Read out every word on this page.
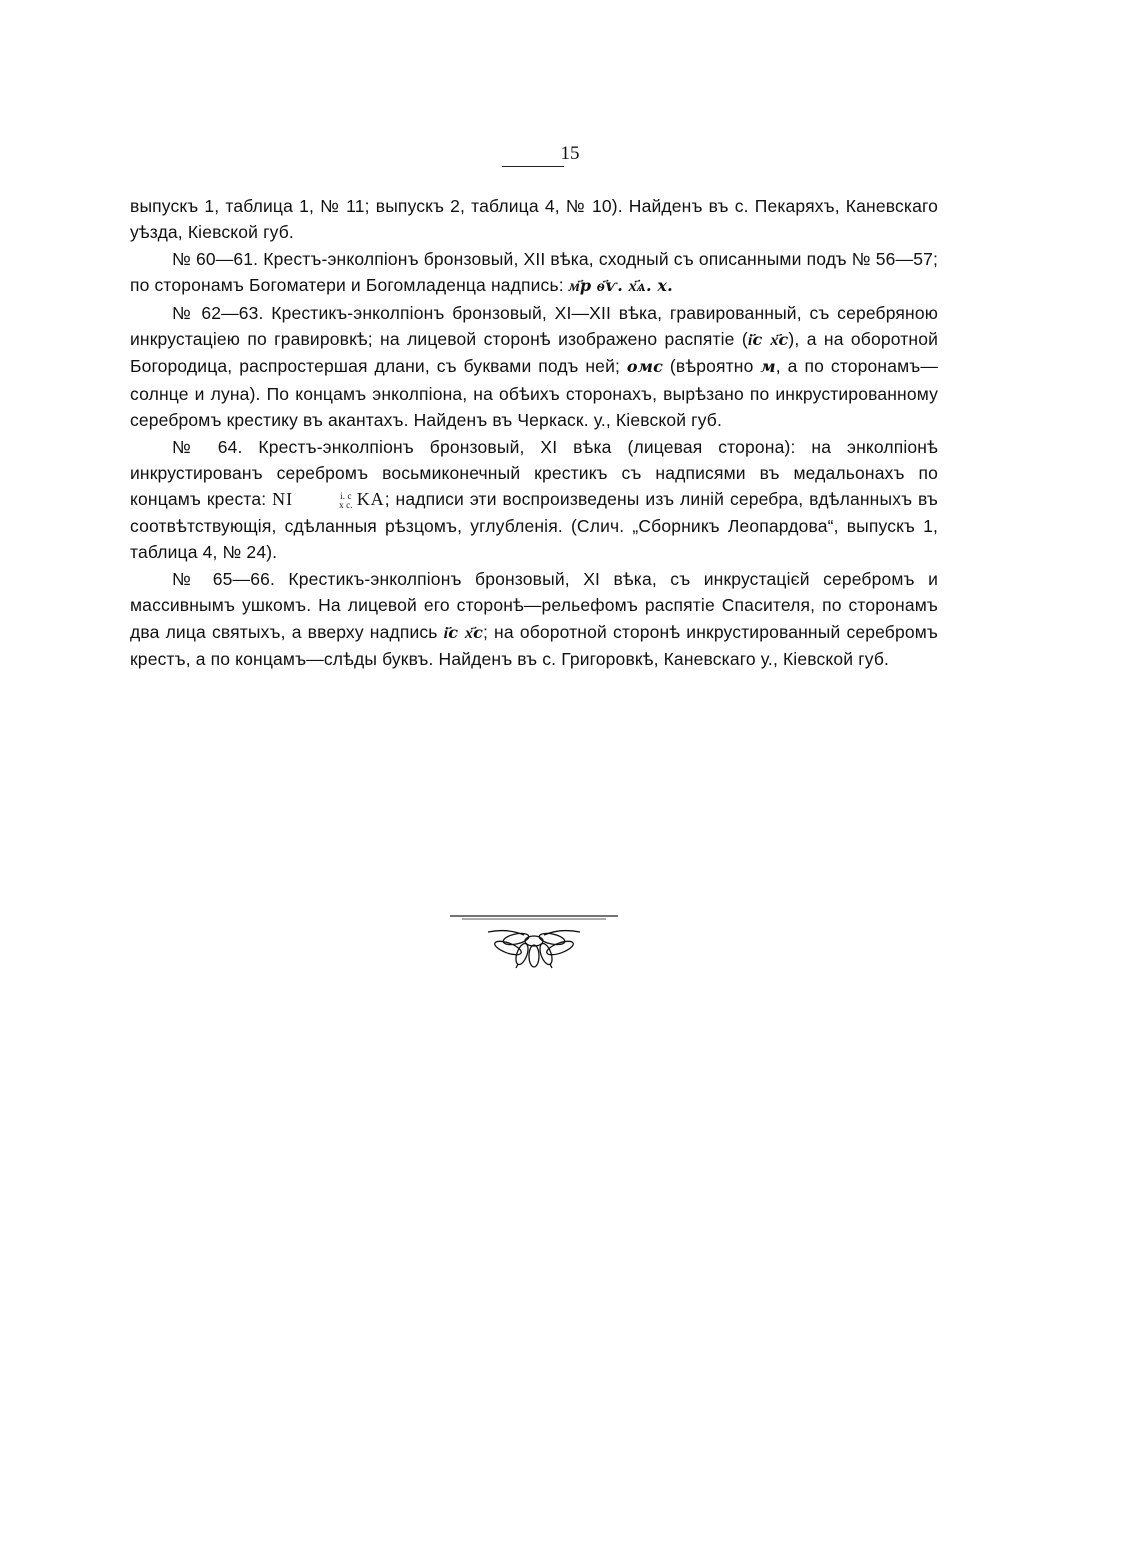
15

выпускъ 1, таблица 1, № 11; выпускъ 2, таблица 4, № 10). Найденъ въ с. Пекаряхъ, Каневскаго уѣзда, Кіевской губ.

№ 60—61. Крестъ-энколпіонъ бронзовый, XII вѣка, сходный съ описанными подъ № 56—57; по сторонамъ Богоматери и Богомладенца надпись: м҃р ѳ҃ѵ. х҃ѧ. х.

№ 62—63. Крестикъ-энколпіонъ бронзовый, XI—XII вѣка, гравированный, съ серебряною инкрустаціею по гравировкѣ; на лицевой сторонѣ изображено распятіе (і҃с х҃с), а на оборотной Богородица, распростершая длани, съ буквами подъ ней; омс (вѣроятно м, а по сторонамъ—солнце и луна). По концамъ энколпіона, на обѣихъ сторонахъ, вырѣзано по инкрустированному серебромъ крестику въ акантахъ. Найденъ въ Черкаск. у., Кіевской губ.

№ 64. Крестъ-энколпіонъ бронзовый, XI вѣка (лицевая сторона): на энколпіонѣ инкрустированъ серебромъ восьмиконечный крестикъ съ надписями въ медальонахъ по концамъ креста: NI	і. с
х с. KA; надписи эти воспроизведены изъ линій серебра, вдѣланныхъ въ соотвѣтствующія, сдѣланныя рѣзцомъ, углубленія. (Слич. „Сборникъ Леопардова“, выпускъ 1, таблица 4, № 24).

№ 65—66. Крестикъ-энколпіонъ бронзовый, XI вѣка, съ инкрустацієй серебромъ и массивнымъ ушкомъ. На лицевой его сторонѣ—рельефомъ распятіе Спасителя, по сторонамъ два лица святыхъ, а вверху надпись і҃с х҃с; на оборотной сторонѣ инкрустированный серебромъ крестъ, а по концамъ—слѣды буквъ. Найденъ въ с. Григоровкѣ, Каневскаго у., Кіевской губ.
